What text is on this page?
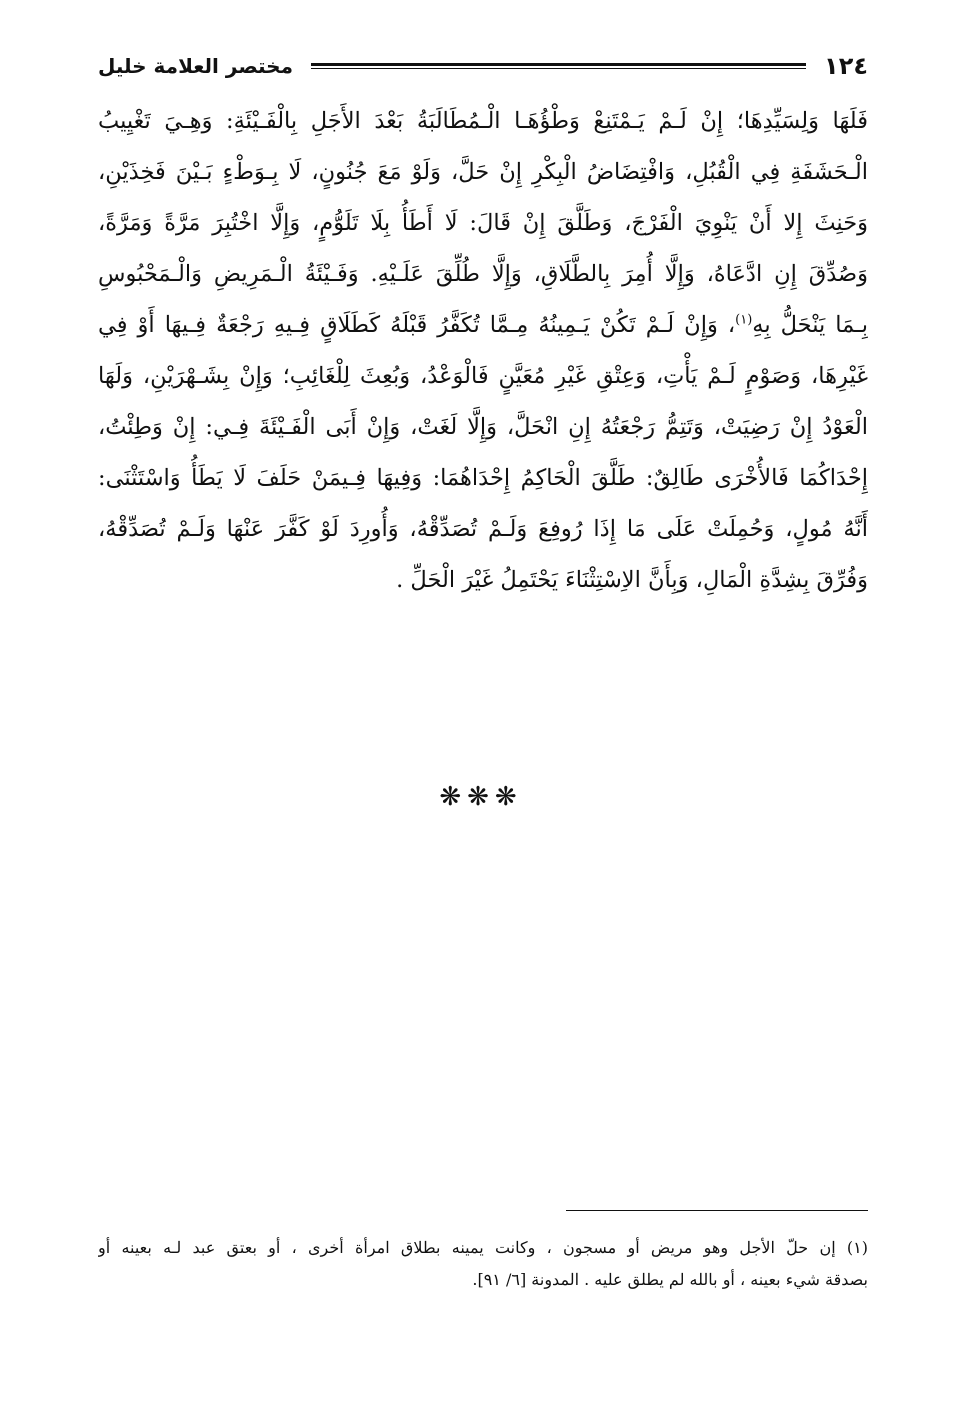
١٢٤
مختصر العلامة خليل
فَلَهَا وَلِسَيِّدِهَا؛ إِنْ لَـمْ يَـمْتَنِعْ وَطْؤُهَـا الْـمُطَالَبَةُ بَعْدَ الأَجَلِ بِالْفَـيْئَةِ: وَهِـيَ تَغْيِيبُ
الْـحَشَفَةِ فِي الْقُبُلِ، وَافْتِضَاضُ الْبِكْرِ إِنْ حَلَّ، وَلَوْ مَعَ جُنُونٍ، لَا بِـوَطْءٍ بَـيْنَ فَخِذَيْنِ،
وَحَنِثَ إِلا أَنْ يَنْوِيَ الْفَرْجَ، وَطَلَّقَ إِنْ قَالَ: لَا أَطَأُ بِلَا تَلَوُّمٍ، وَإِلَّا اخْتُبِرَ مَرَّةً وَمَرَّةً،
وَصُدِّقَ إِنِ ادَّعَاهُ، وَإِلَّا أُمِرَ بِالطَّلَاقِ، وَإِلَّا طُلِّقَ عَلَـيْهِ. وَفَـيْئَةُ الْـمَرِيضِ وَالْـمَحْبُوسِ
بِـمَا يَنْحَلُّ بِهِ$^{(١)}$، وَإِنْ لَـمْ تَكُنْ يَـمِينُهُ مِـمَّا تُكَفَّرُ قَبْلَهُ كَطَلَاقٍ فِـيهِ رَجْعَةٌ فِـيهَا أَوْ فِي
غَيْرِهَا، وَصَوْمٍ لَـمْ يَأْتِ، وَعِتْقِ غَيْرِ مُعَيَّنٍ فَالْوَعْدُ، وَبُعِثَ لِلْغَائِبِ؛ وَإِنْ بِشَـهْرَيْنِ، وَلَهَا
الْعَوْدُ إِنْ رَضِيَتْ، وَتَتِمُّ رَجْعَتُهُ إِنِ انْحَلَّ، وَإِلَّا لَغَتْ، وَإِنْ أَبَى الْفَـيْئَةَ فِـي: إِنْ وَطِئْتُ،
إِحْدَاكُمَا فَالأُخْرَى طَالِقٌ: طَلَّقَ الْحَاكِمُ إِحْدَاهُمَا: وَفِيهَا فِـيمَنْ حَلَفَ لَا يَطَأُ وَاسْتَثْنَى:
أَنَّهُ مُولٍ، وَحُمِلَتْ عَلَى مَا إِذَا رُوفِعَ وَلَـمْ تُصَدِّقْهُ، وَأُورِدَ لَوْ كَفَّرَ عَنْهَا وَلَـمْ تُصَدِّقْهُ،
وَفُرِّقَ بِشِدَّةِ الْمَالِ، وَبِأَنَّ الاِسْتِثْنَاءَ يَحْتَمِلُ غَيْرَ الْحَلِّ .
❋❋❋
(١) إن حلّ الأجل وهو مريض أو مسجون ، وكانت يمينه بطلاق امرأة أخرى ، أو بعتق عبد لـه بعينه أو
بصدقة شيء بعينه ، أو بالله لم يطلق عليه . المدونة [٦/ ٩١].
